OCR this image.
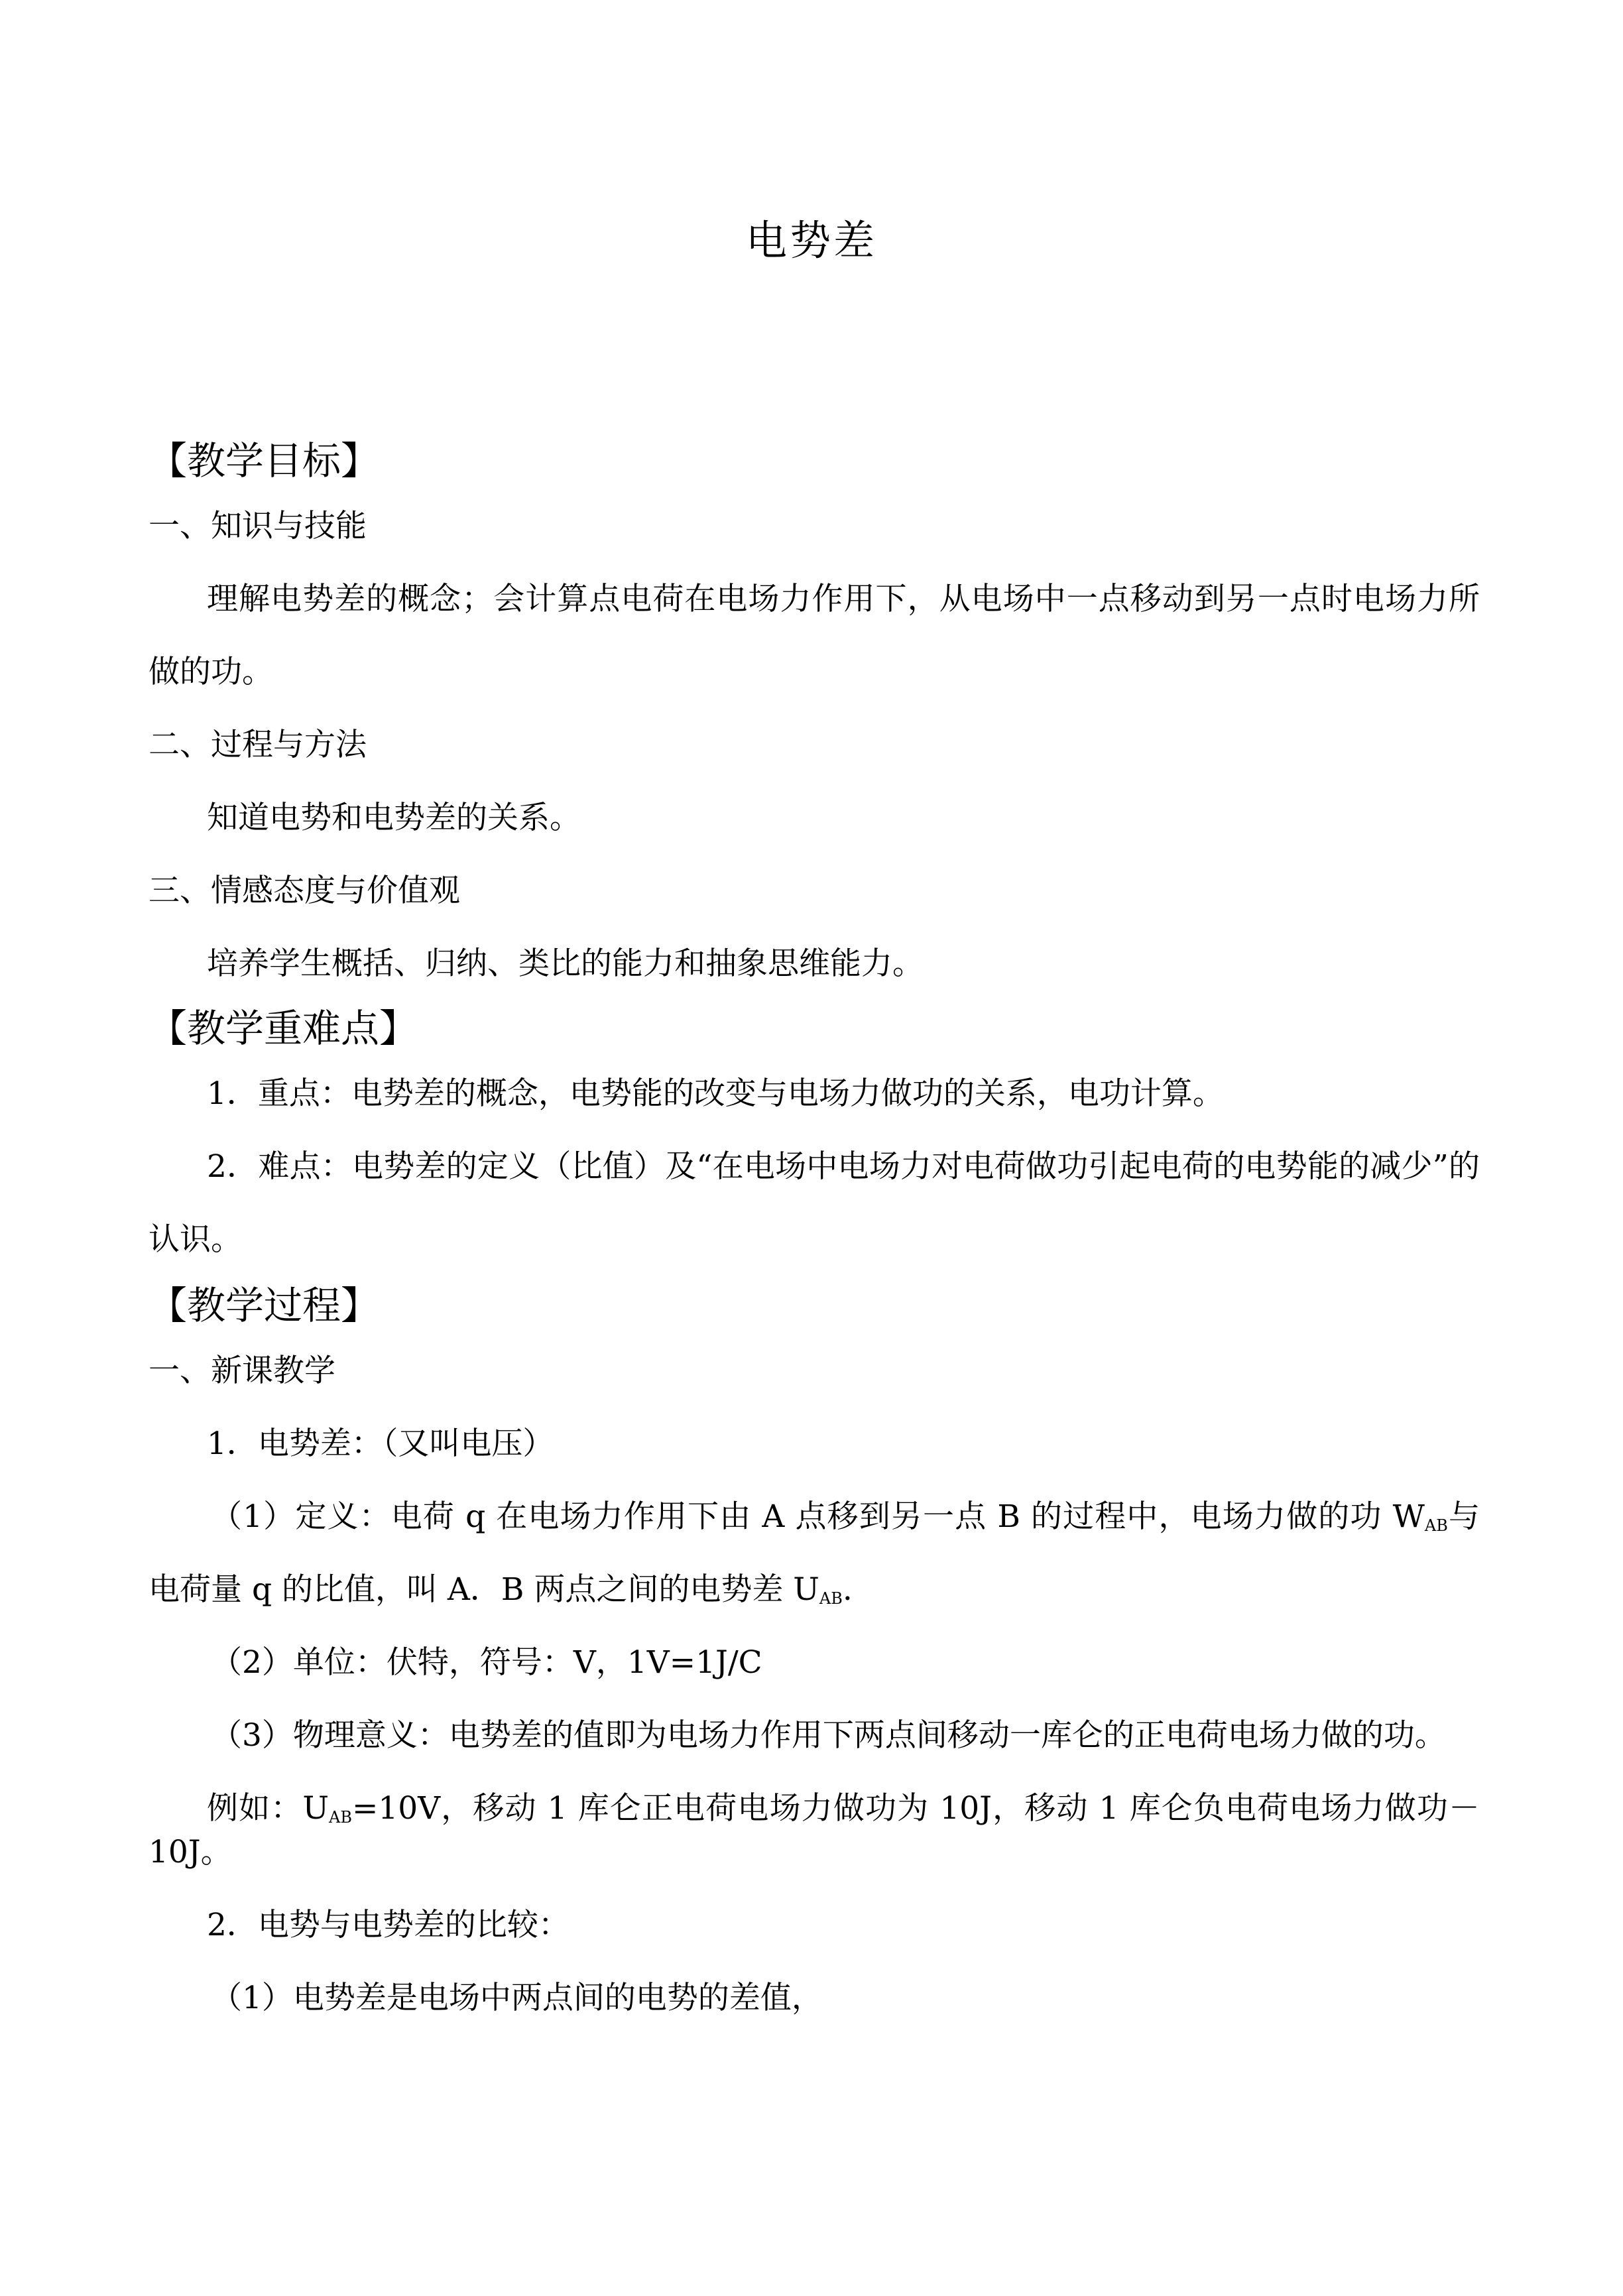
电势差
【教学目标】
一、知识与技能
理解电势差的概念；会计算点电荷在电场力作用下，从电场中一点移动到另一点时电场力所做的功。
二、过程与方法
知道电势和电势差的关系。
三、情感态度与价值观
培养学生概括、归纳、类比的能力和抽象思维能力。
【教学重难点】
1．重点：电势差的概念，电势能的改变与电场力做功的关系，电功计算。
2．难点：电势差的定义（比值）及“在电场中电场力对电荷做功引起电荷的电势能的减少”的认识。
【教学过程】
一、新课教学
1．电势差：（又叫电压）
（1）定义：电荷 q 在电场力作用下由 A 点移到另一点 B 的过程中，电场力做的功 $W_{AB}$与电荷量 q 的比值，叫 A．B 两点之间的电势差 $U_{AB}$.
（2）单位：伏特，符号：V，1V=1J/C
（3）物理意义：电势差的值即为电场力作用下两点间移动一库仑的正电荷电场力做的功。
例如：$U_{AB}=10V$，移动 1 库仑正电荷电场力做功为 10J，移动 1 库仑负电荷电场力做功－10J。
2．电势与电势差的比较：
（1）电势差是电场中两点间的电势的差值，
